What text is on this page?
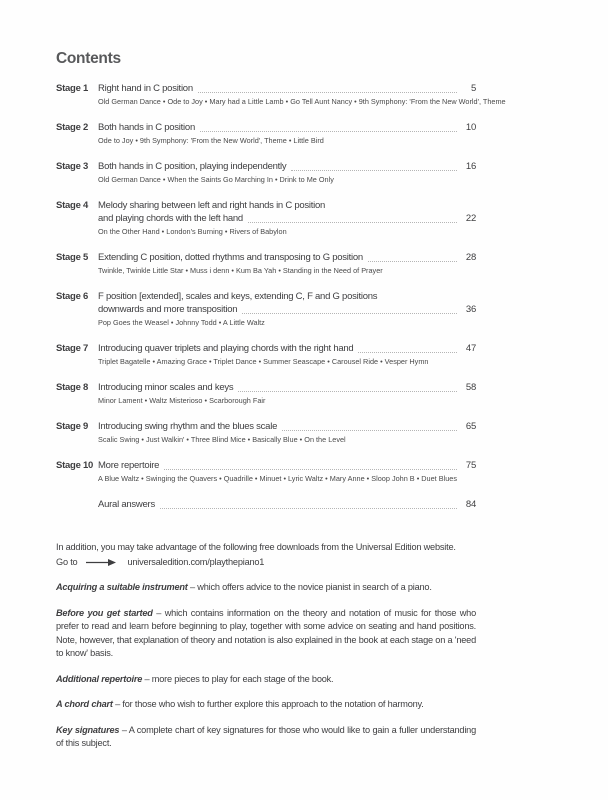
Contents
Stage 1	Right hand in C position	5
Old German Dance • Ode to Joy • Mary had a Little Lamb • Go Tell Aunt Nancy • 9th Symphony: 'From the New World', Theme
Stage 2	Both hands in C position	10
Ode to Joy • 9th Symphony: 'From the New World', Theme • Little Bird
Stage 3	Both hands in C position, playing independently	16
Old German Dance • When the Saints Go Marching In • Drink to Me Only
Stage 4	Melody sharing between left and right hands in C position
and playing chords with the left hand	22
On the Other Hand • London's Burning • Rivers of Babylon
Stage 5	Extending C position, dotted rhythms and transposing to G position	28
Twinkle, Twinkle Little Star • Muss i denn • Kum Ba Yah • Standing in the Need of Prayer
Stage 6	F position [extended], scales and keys, extending C, F and G positions
downwards and more transposition	36
Pop Goes the Weasel • Johnny Todd • A Little Waltz
Stage 7	Introducing quaver triplets and playing chords with the right hand	47
Triplet Bagatelle • Amazing Grace • Triplet Dance • Summer Seascape • Carousel Ride • Vesper Hymn
Stage 8	Introducing minor scales and keys	58
Minor Lament • Waltz Misterioso • Scarborough Fair
Stage 9	Introducing swing rhythm and the blues scale	65
Scalic Swing • Just Walkin' • Three Blind Mice • Basically Blue • On the Level
Stage 10 More repertoire	75
A Blue Waltz • Swinging the Quavers • Quadrille • Minuet • Lyric Waltz • Mary Anne • Sloop John B • Duet Blues
Aural answers	84

In addition, you may take advantage of the following free downloads from the Universal Edition website.

Go to	universaledition.com/playthepiano1

Acquiring a suitable instrument – which offers advice to the novice pianist in search of a piano.

Before you get started – which contains information on the theory and notation of music for those who prefer to read and learn before beginning to play, together with some advice on seating and hand positions. Note, however, that explanation of theory and notation is also explained in the book at each stage on a 'need to know' basis.

Additional repertoire – more pieces to play for each stage of the book.

A chord chart – for those who wish to further explore this approach to the notation of harmony.

Key signatures – A complete chart of key signatures for those who would like to gain a fuller understanding of this subject.
